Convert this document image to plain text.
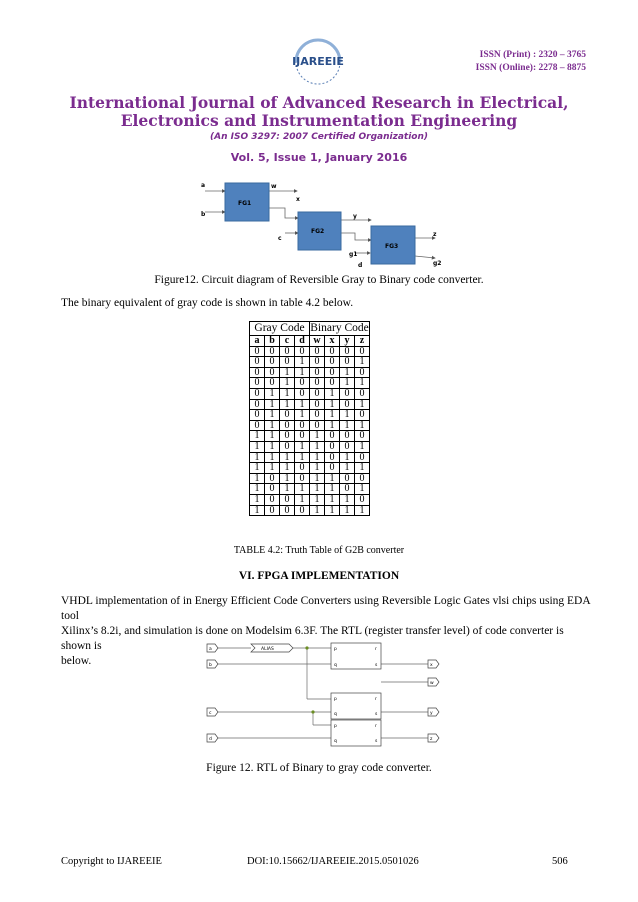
ISSN (Print) : 2320 – 3765
ISSN (Online): 2278 – 8875
IJAREEIE
International Journal of Advanced Research in Electrical,
Electronics and Instrumentation Engineering
(An ISO 3297: 2007 Certified Organization)
Vol. 5, Issue 1, January 2016
FG1
FG2
FG3
a
b
w
x
c
y
g1
z
d	g2
Figure12. Circuit diagram of Reversible Gray to Binary code converter.
The binary equivalent of gray code is shown in table 4.2 below.
Gray Code				Binary Code			
a	b	c	d	w	x	y	z
0	0	0	0	0	0	0	0
0	0	0	1	0	0	0	1
0	0	1	1	0	0	1	0
0	0	1	0	0	0	1	1
0	1	1	0	0	1	0	0
0	1	1	1	0	1	0	1
0	1	0	1	0	1	1	0
0	1	0	0	0	1	1	1
1	1	0	0	1	0	0	0
1	1	0	1	1	0	0	1
1	1	1	1	1	0	1	0
1	1	1	0	1	0	1	1
1	0	1	0	1	1	0	0
1	0	1	1	1	1	0	1
1	0	0	1	1	1	1	0
1	0	0	0	1	1	1	1
TABLE 4.2: Truth Table of G2B converter
VI. FPGA IMPLEMENTATION
VHDL implementation of in Energy Efficient Code Converters using Reversible Logic Gates vlsi chips using EDA tool
Xilinx’s 8.2i, and simulation is done on Modelsim 6.3F. The RTL (register transfer level) of code converter is shown is
below.
ALIAS
a
b
c
d
x
w
y
z
p
q
r
s
p
q
r
s
p
q
r
s
Figure 12. RTL of Binary to gray code converter.
Copyright to IJAREEIE	DOI:10.15662/IJAREEIE.2015.0501026	506
